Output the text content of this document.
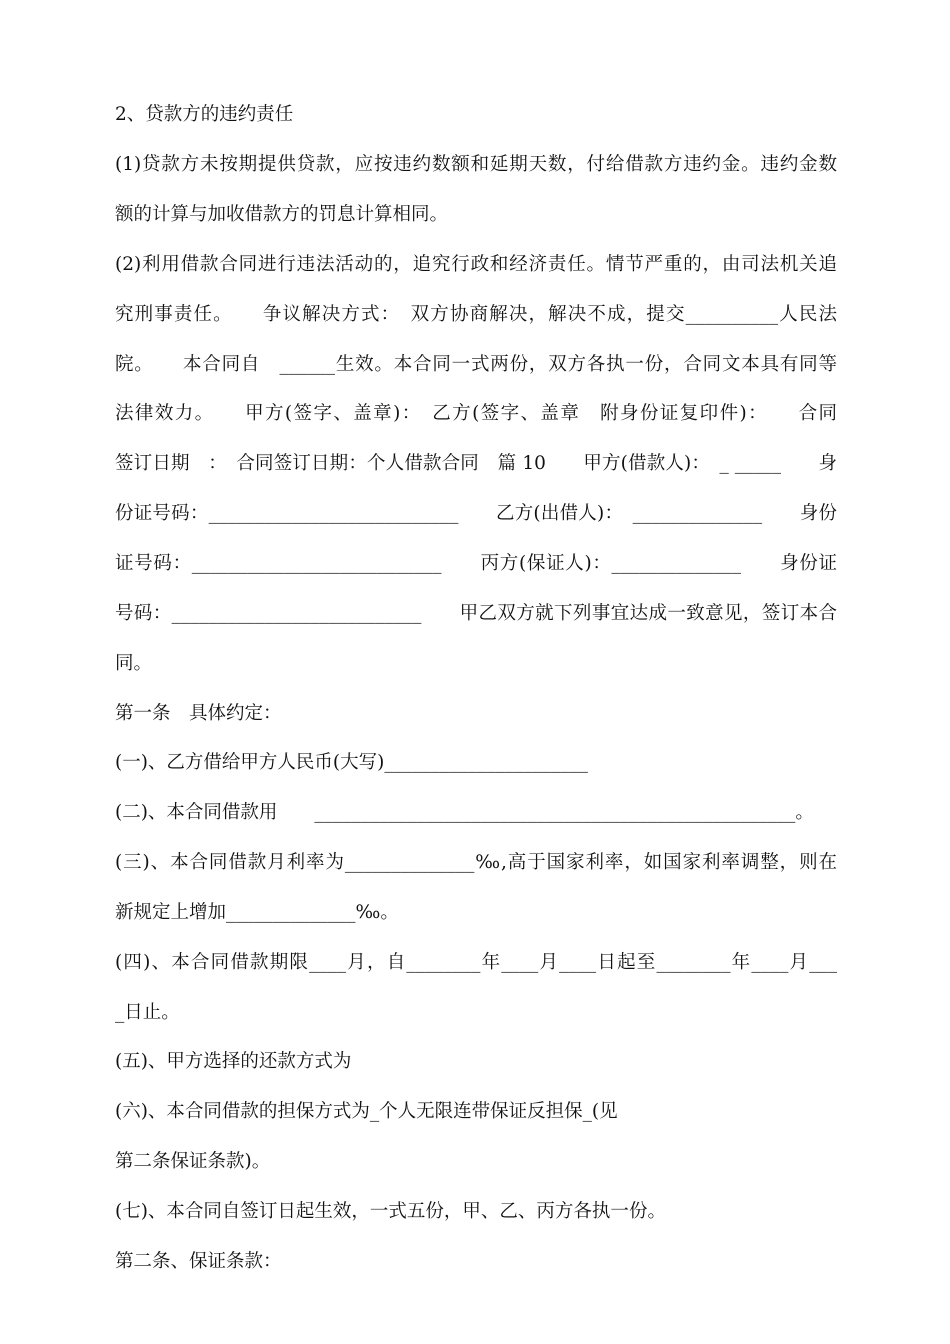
2、贷款方的违约责任
(1)贷款方未按期提供贷款，应按违约数额和延期天数，付给借款方违约金。违约金数
额的计算与加收借款方的罚息计算相同。
(2)利用借款合同进行违法活动的，追究行政和经济责任。情节严重的，由司法机关追
究刑事责任。　　争议解决方式：　双方协商解决，解决不成，提交__________人民法
院。　　本合同自　______生效。本合同一式两份，双方各执一份，合同文本具有同等
法律效力。　　甲方(签字、盖章)：　乙方(签字、盖章　附身份证复印件)：　　合同
签订日期　：　合同签订日期：个人借款合同　篇 10　　甲方(借款人)：　_ _____　　身
份证号码：___________________________　　乙方(出借人)：　______________　　身份
证号码：___________________________　　丙方(保证人)：______________　　身份证
号码：___________________________　　甲乙双方就下列事宜达成一致意见，签订本合
同。
第一条　具体约定：
(一)、乙方借给甲方人民币(大写)______________________
(二)、本合同借款用　　____________________________________________________。
(三)、本合同借款月利率为______________‰,高于国家利率，如国家利率调整，则在
新规定上增加______________‰。
(四)、本合同借款期限____月，自________年____月____日起至________年____月___
_日止。
(五)、甲方选择的还款方式为
(六)、本合同借款的担保方式为_个人无限连带保证反担保_(见
第二条保证条款)。
(七)、本合同自签订日起生效，一式五份，甲、乙、丙方各执一份。
第二条、保证条款：
